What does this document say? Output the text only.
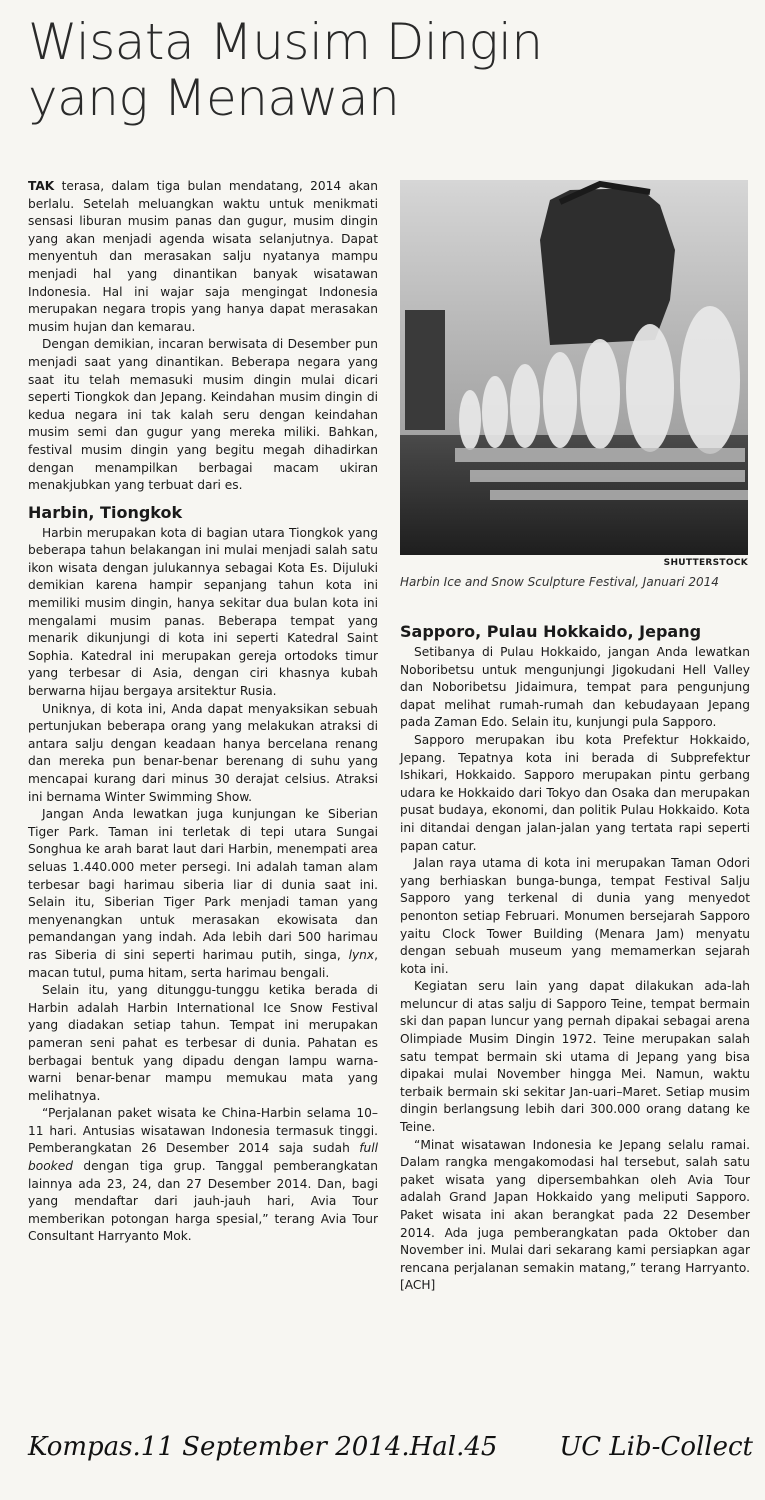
Wisata Musim Dingin
yang Menawan

TAK terasa, dalam tiga bulan mendatang, 2014 akan berlalu. Setelah meluangkan waktu untuk menikmati sensasi liburan musim panas dan gugur, musim dingin yang akan menjadi agenda wisata selanjutnya. Dapat menyentuh dan merasakan salju nyatanya mampu menjadi hal yang dinantikan banyak wisatawan Indonesia. Hal ini wajar saja mengingat Indonesia merupakan negara tropis yang hanya dapat merasakan musim hujan dan kemarau.

Dengan demikian, incaran berwisata di Desember pun menjadi saat yang dinantikan. Beberapa negara yang saat itu telah memasuki musim dingin mulai dicari seperti Tiongkok dan Jepang. Keindahan musim dingin di kedua negara ini tak kalah seru dengan keindahan musim semi dan gugur yang mereka miliki. Bahkan, festival musim dingin yang begitu megah dihadirkan dengan menampilkan berbagai macam ukiran menakjubkan yang terbuat dari es.

Harbin, Tiongkok

Harbin merupakan kota di bagian utara Tiongkok yang beberapa tahun belakangan ini mulai menjadi salah satu ikon wisata dengan julukannya sebagai Kota Es. Dijuluki demikian karena hampir sepanjang tahun kota ini memiliki musim dingin, hanya sekitar dua bulan kota ini mengalami musim panas. Beberapa tempat yang menarik dikunjungi di kota ini seperti Katedral Saint Sophia. Katedral ini merupakan gereja ortodoks timur yang terbesar di Asia, dengan ciri khasnya kubah berwarna hijau bergaya arsitektur Rusia.

Uniknya, di kota ini, Anda dapat menyaksikan sebuah pertunjukan beberapa orang yang melakukan atraksi di antara salju dengan keadaan hanya bercelana renang dan mereka pun benar-benar berenang di suhu yang mencapai kurang dari minus 30 derajat celsius. Atraksi ini bernama Winter Swimming Show.

Jangan Anda lewatkan juga kunjungan ke Siberian Tiger Park. Taman ini terletak di tepi utara Sungai Songhua ke arah barat laut dari Harbin, menempati area seluas 1.440.000 meter persegi. Ini adalah taman alam terbesar bagi harimau siberia liar di dunia saat ini. Selain itu, Siberian Tiger Park menjadi taman yang menyenangkan untuk merasakan ekowisata dan pemandangan yang indah. Ada lebih dari 500 harimau ras Siberia di sini seperti harimau putih, singa, lynx, macan tutul, puma hitam, serta harimau bengali.

Selain itu, yang ditunggu-tunggu ketika berada di Harbin adalah Harbin International Ice Snow Festival yang diadakan setiap tahun. Tempat ini merupakan pameran seni pahat es terbesar di dunia. Pahatan es berbagai bentuk yang dipadu dengan lampu warna-warni benar-benar mampu memukau mata yang melihatnya.

“Perjalanan paket wisata ke China-Harbin selama 10–11 hari. Antusias wisatawan Indonesia termasuk tinggi. Pemberangkatan 26 Desember 2014 saja sudah full booked dengan tiga grup. Tanggal pemberangkatan lainnya ada 23, 24, dan 27 Desember 2014. Dan, bagi yang mendaftar dari jauh-jauh hari, Avia Tour memberikan potongan harga spesial,” terang Avia Tour Consultant Harryanto Mok.

SHUTTERSTOCK
Harbin Ice and Snow Sculpture Festival, Januari 2014
Sapporo, Pulau Hokkaido, Jepang

Setibanya di Pulau Hokkaido, jangan Anda lewatkan Noboribetsu untuk mengunjungi Jigokudani Hell Valley dan Noboribetsu Jidaimura, tempat para pengunjung dapat melihat rumah-rumah dan kebudayaan Jepang pada Zaman Edo. Selain itu, kunjungi pula Sapporo.

Sapporo merupakan ibu kota Prefektur Hokkaido, Jepang. Tepatnya kota ini berada di Subprefektur Ishikari, Hokkaido. Sapporo merupakan pintu gerbang udara ke Hokkaido dari Tokyo dan Osaka dan merupakan pusat budaya, ekonomi, dan politik Pulau Hokkaido. Kota ini ditandai dengan jalan-jalan yang tertata rapi seperti papan catur.

Jalan raya utama di kota ini merupakan Taman Odori yang berhiaskan bunga-bunga, tempat Festival Salju Sapporo yang terkenal di dunia yang menyedot penonton setiap Februari. Monumen bersejarah Sapporo yaitu Clock Tower Building (Menara Jam) menyatu dengan sebuah museum yang memamerkan sejarah kota ini.

Kegiatan seru lain yang dapat dilakukan ada-lah meluncur di atas salju di Sapporo Teine, tempat bermain ski dan papan luncur yang pernah dipakai sebagai arena Olimpiade Musim Dingin 1972. Teine merupakan salah satu tempat bermain ski utama di Jepang yang bisa dipakai mulai November hingga Mei. Namun, waktu terbaik bermain ski sekitar Jan-uari–Maret. Setiap musim dingin berlangsung lebih dari 300.000 orang datang ke Teine.

“Minat wisatawan Indonesia ke Jepang selalu ramai. Dalam rangka mengakomodasi hal tersebut, salah satu paket wisata yang dipersembahkan oleh Avia Tour adalah Grand Japan Hokkaido yang meliputi Sapporo. Paket wisata ini akan berangkat pada 22 Desember 2014. Ada juga pemberangkatan pada Oktober dan November ini. Mulai dari sekarang kami persiapkan agar rencana perjalanan semakin matang,” terang Harryanto. [ACH]

Kompas.11 September 2014.Hal.45 UC Lib-Collect
